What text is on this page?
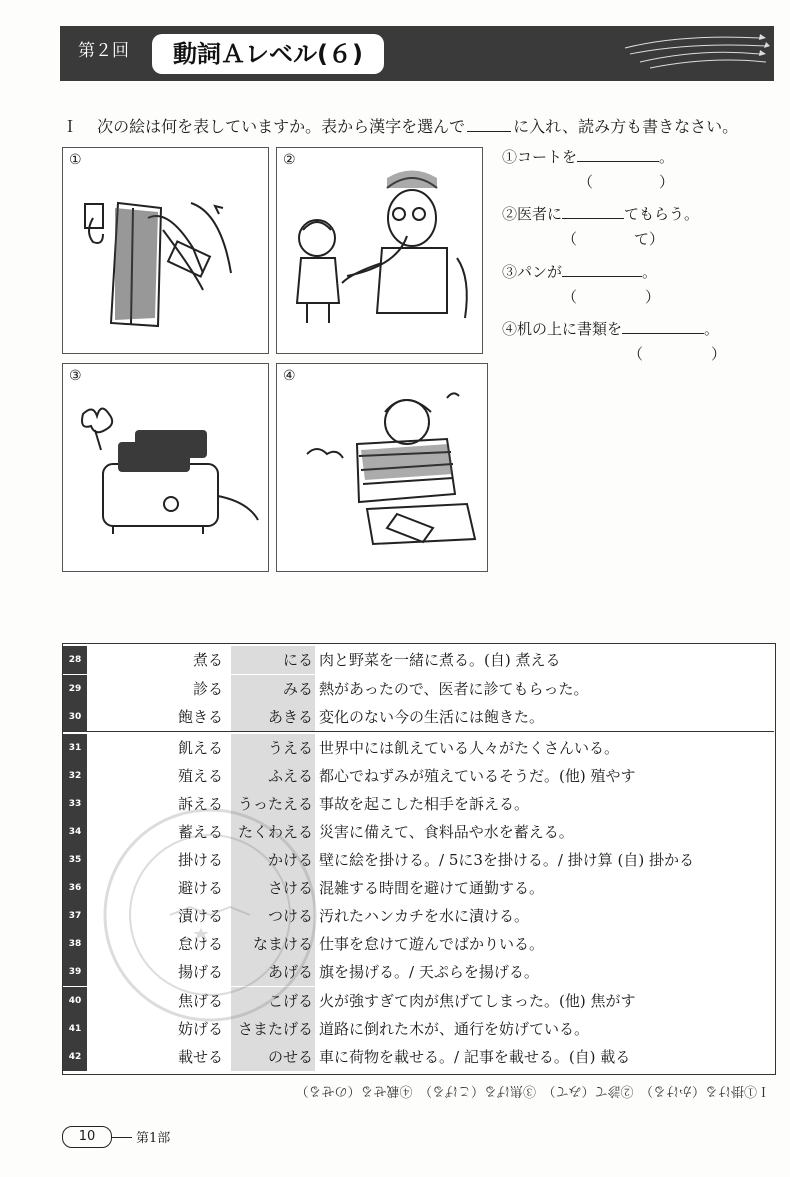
第２回	動詞Ａレベル(６)
Ｉ 次の絵は何を表していますか。表から漢字を選んで	に入れ、読み方も書きなさい。
①	②
③	④
①コートを	。
（	）
②医者に	てもらう。
（	て）
③パンが	。
（	）
④机の上に書類を	。
（	）
28	煮る	にる 肉と野菜を一緒に煮る。(自) 煮える
29	診る	みる 熱があったので、医者に診てもらった。
30	飽きる	あきる 変化のない今の生活には飽きた。
31	飢える	うえる 世界中には飢えている人々がたくさんいる。
32	殖える	ふえる 都心でねずみが殖えているそうだ。(他) 殖やす
33	訴える うったえる 事故を起こした相手を訴える。
34	蓄える たくわえる 災害に備えて、食料品や水を蓄える。
35	掛ける	かける 壁に絵を掛ける。/ 5に3を掛ける。/ 掛け算 (自) 掛かる
36	避ける	さける 混雑する時間を避けて通勤する。
37	漬ける	つける 汚れたハンカチを水に漬ける。
38	怠ける	なまける 仕事を怠けて遊んでばかりいる。
39	揚げる	あげる 旗を揚げる。/ 天ぷらを揚げる。
40	焦げる	こげる 火が強すぎて肉が焦げてしまった。(他) 焦がす
41	妨げる さまたげる 道路に倒れた木が、通行を妨げている。
42	載せる	のせる 車に荷物を載せる。/ 記事を載せる。(自) 載る
Ｉ①掛ける（かける）　②診て（みて）　③焦げる（こげる）　④載せる（のせる）
10	第1部
